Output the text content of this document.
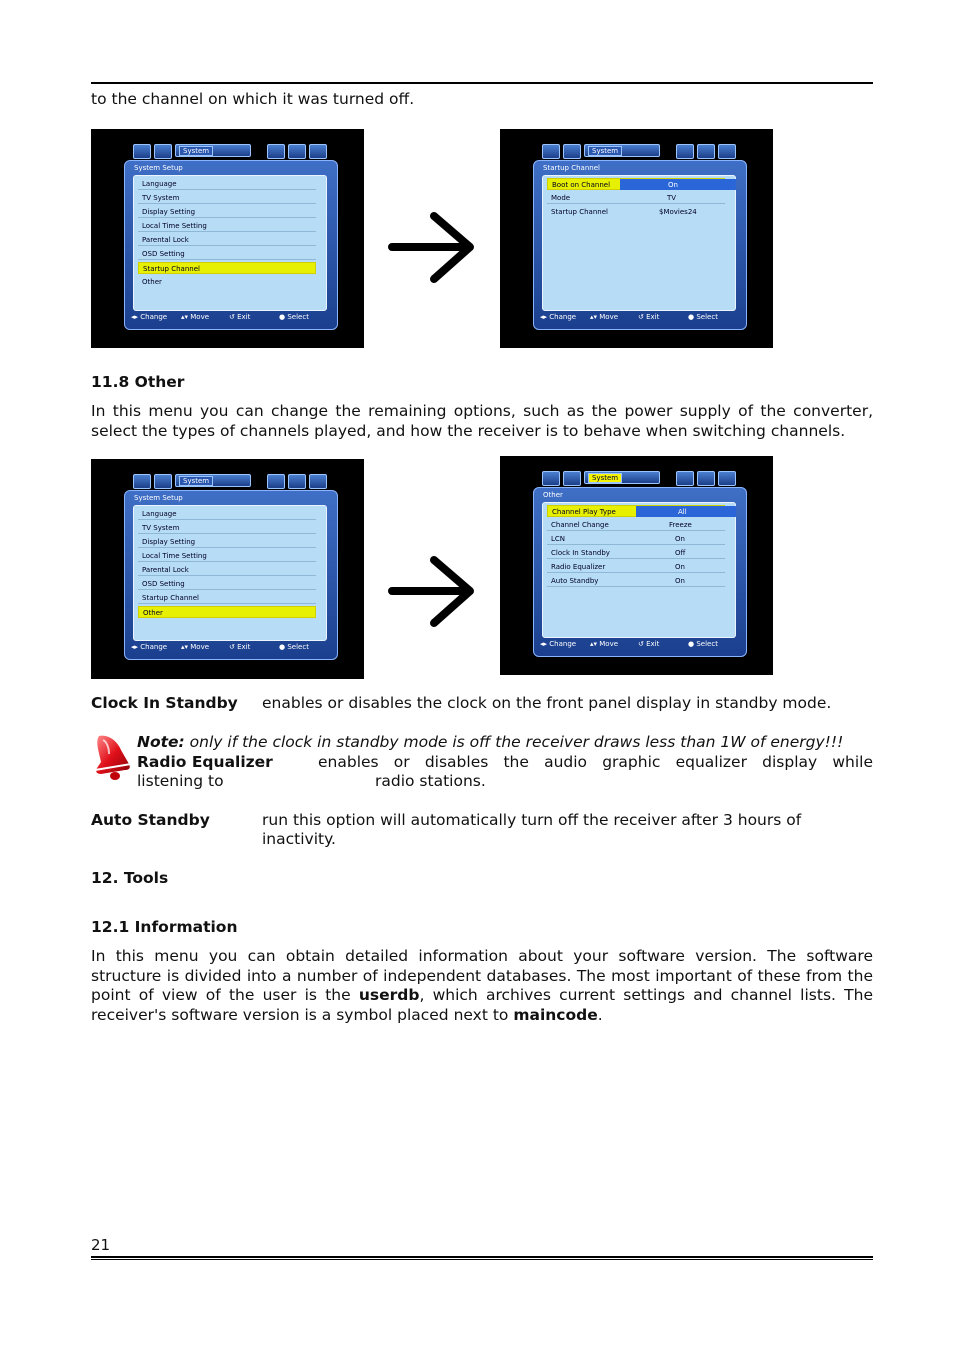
to the channel on which it was turned off.
System
System Setup
Language
TV System
Display Setting
Local Time Setting
Parental Lock
OSD Setting
Startup Channel
Other
◂▸ Change ▴▾ Move	↺ Exit	● Select
System
Startup Channel
Boot on Channel	On
Mode	TV
Startup Channel	$Movies24
◂▸ Change ▴▾ Move	↺ Exit	● Select
11.8 Other
In this menu you can change the remaining options, such as the power supply of the converter, select the types of channels played, and how the receiver is to behave when switching channels.
System
System Setup
Language
TV System
Display Setting
Local Time Setting
Parental Lock
OSD Setting
Startup Channel
Other
◂▸ Change ▴▾ Move	↺ Exit	● Select
System
Other
Channel Play Type	All
Channel Change	Freeze
LCN	On
Clock In Standby	Off
Radio Equalizer	On
Auto Standby	On
◂▸ Change ▴▾ Move	↺ Exit	● Select
Clock In Standby enables or disables the clock on the front panel display in standby mode.
Note: only if the clock in standby mode is off the receiver draws less than 1W of energy!!!
Radio Equalizer	enables or disables the audio graphic equalizer display while
listening to	radio stations.
Auto Standby	run this option will automatically turn off the receiver after 3 hours of
inactivity.
12. Tools
12.1 Information
In this menu you can obtain detailed information about your software version. The software structure is divided into a number of independent databases. The most important of these from the point of view of the user is the userdb, which archives current settings and channel lists. The receiver's software version is a symbol placed next to maincode.
21
